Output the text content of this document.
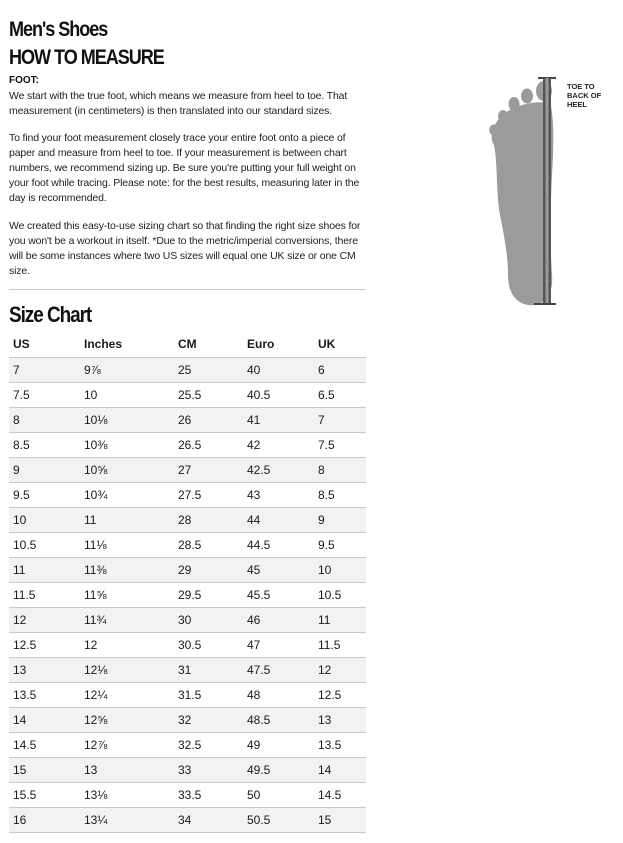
Men's Shoes
HOW TO MEASURE
FOOT:

We start with the true foot, which means we measure from heel to toe. That measurement (in centimeters) is then translated into our standard sizes.

To find your foot measurement closely trace your entire foot onto a piece of paper and measure from heel to toe. If your measurement is between chart numbers, we recommend sizing up. Be sure you're putting your full weight on your foot while tracing. Please note: for the best results, measuring later in the day is recommended.

We created this easy-to-use sizing chart so that finding the right size shoes for you won't be a workout in itself. *Due to the metric/imperial conversions, there will be some instances where two US sizes will equal one UK size or one CM size.

Size Chart
US	Inches	CM	Euro	UK
7	9⅞	25	40	6
7.5	10	25.5	40.5	6.5
8	10⅛	26	41	7
8.5	10⅜	26.5	42	7.5
9	10⅝	27	42.5	8
9.5	10¾	27.5	43	8.5
10	11	28	44	9
10.5	11⅛	28.5	44.5	9.5
11	11⅜	29	45	10
11.5	11⅝	29.5	45.5	10.5
12	11¾	30	46	11
12.5	12	30.5	47	11.5
13	12⅛	31	47.5	12
13.5	12¼	31.5	48	12.5
14	12⅝	32	48.5	13
14.5	12⅞	32.5	49	13.5
15	13	33	49.5	14
15.5	13⅛	33.5	50	14.5
16	13¼	34	50.5	15
TOE TO BACK OF HEEL
